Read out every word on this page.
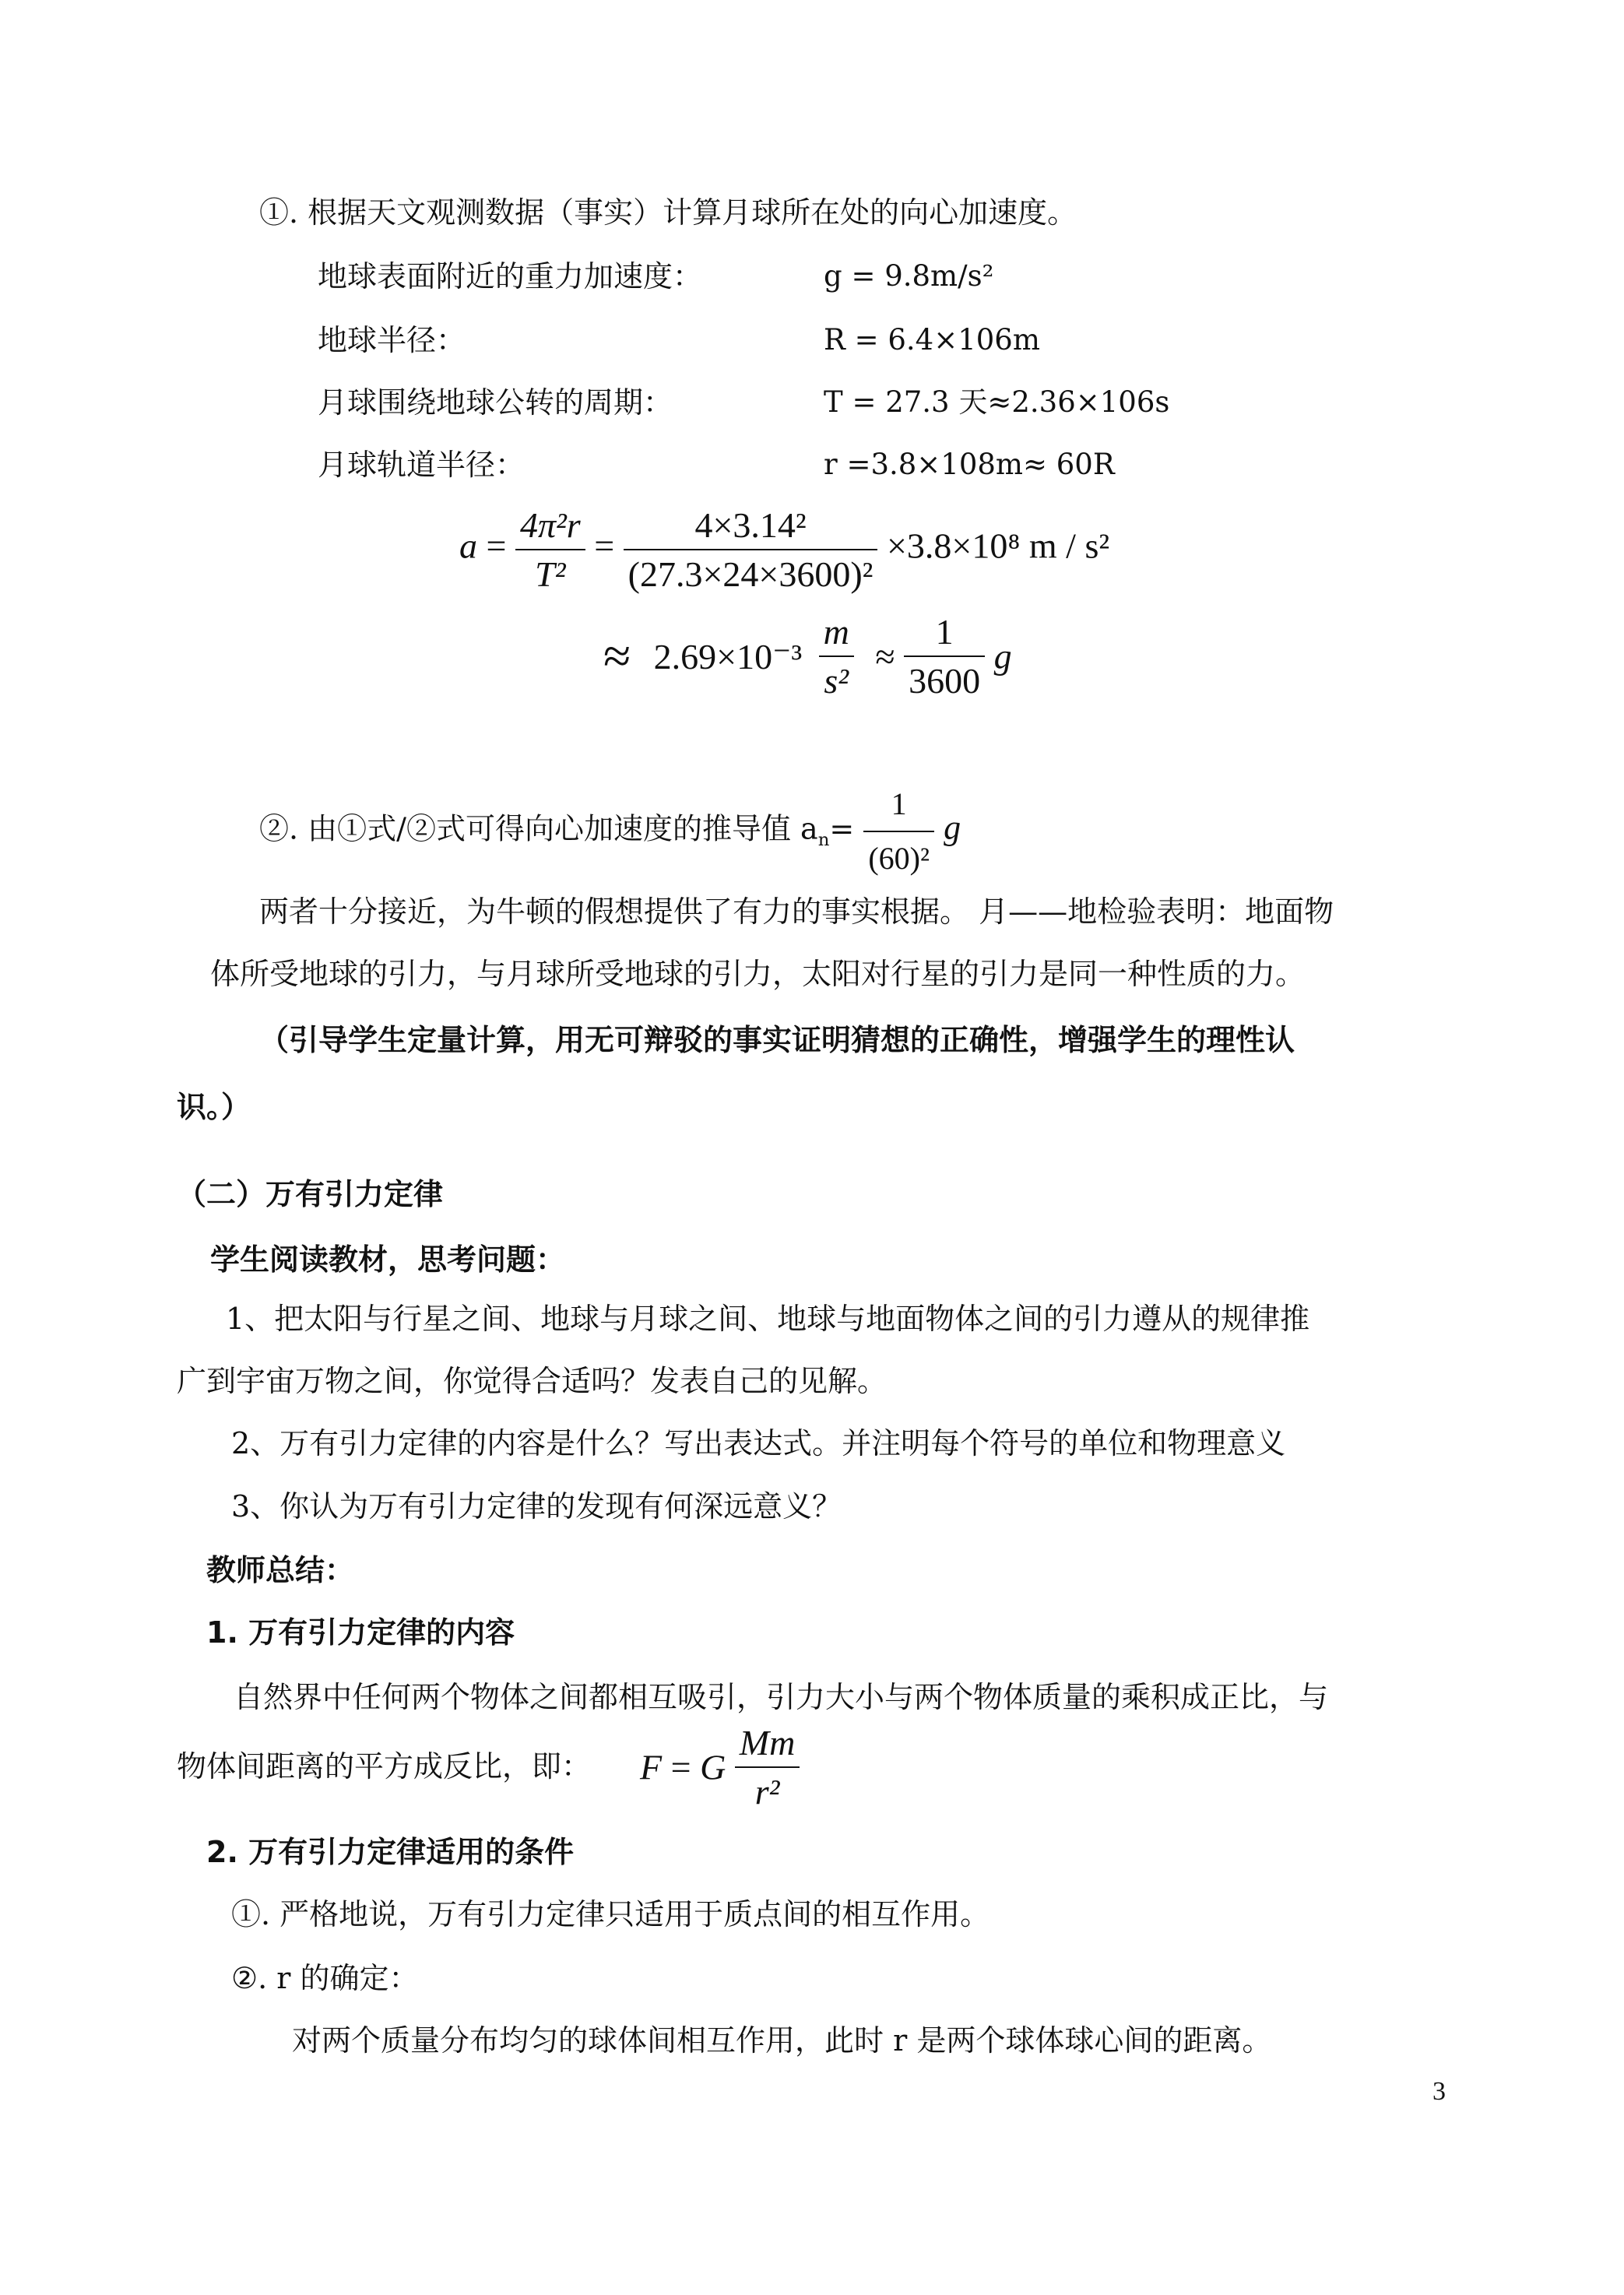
①. 根据天文观测数据（事实）计算月球所在处的向心加速度。
地球表面附近的重力加速度：	g = 9.8m/s²
地球半径：	R = 6.4×106m
月球围绕地球公转的周期：	T = 27.3 天≈2.36×106s
月球轨道半径：	r =3.8×108m≈ 60R
$a = \frac{\text{4π²r}}{\text{T²}} = \frac{\text{4×3.14²}}{\text{(27.3×24×3600)²}} \times 3.8\times 10^8$ m / s²
≈ $2.69\times 10^{-3} \frac{m}{\text{s²}} \approx \frac{1}{3600}$ g
②. 由①式/②式可得向心加速度的推导值 $a_n= \frac{1}{\text{(60)²}}$ g
两者十分接近，为牛顿的假想提供了有力的事实根据。 月——地检验表明：地面物
体所受地球的引力，与月球所受地球的引力，太阳对行星的引力是同一种性质的力。
（引导学生定量计算，用无可辩驳的事实证明猜想的正确性，增强学生的理性认
识。）
（二）万有引力定律
学生阅读教材，思考问题：
1、把太阳与行星之间、地球与月球之间、地球与地面物体之间的引力遵从的规律推
广到宇宙万物之间，你觉得合适吗？发表自己的见解。
2、万有引力定律的内容是什么？写出表达式。并注明每个符号的单位和物理意义
3、你认为万有引力定律的发现有何深远意义？
教师总结：
1. 万有引力定律的内容
自然界中任何两个物体之间都相互吸引，引力大小与两个物体质量的乘积成正比，与
物体间距离的平方成反比，即： F = G $\frac{Mm}{\text{r²}}$
2. 万有引力定律适用的条件
①. 严格地说，万有引力定律只适用于质点间的相互作用。
②. r 的确定：
对两个质量分布均匀的球体间相互作用，此时 r 是两个球体球心间的距离。
3
